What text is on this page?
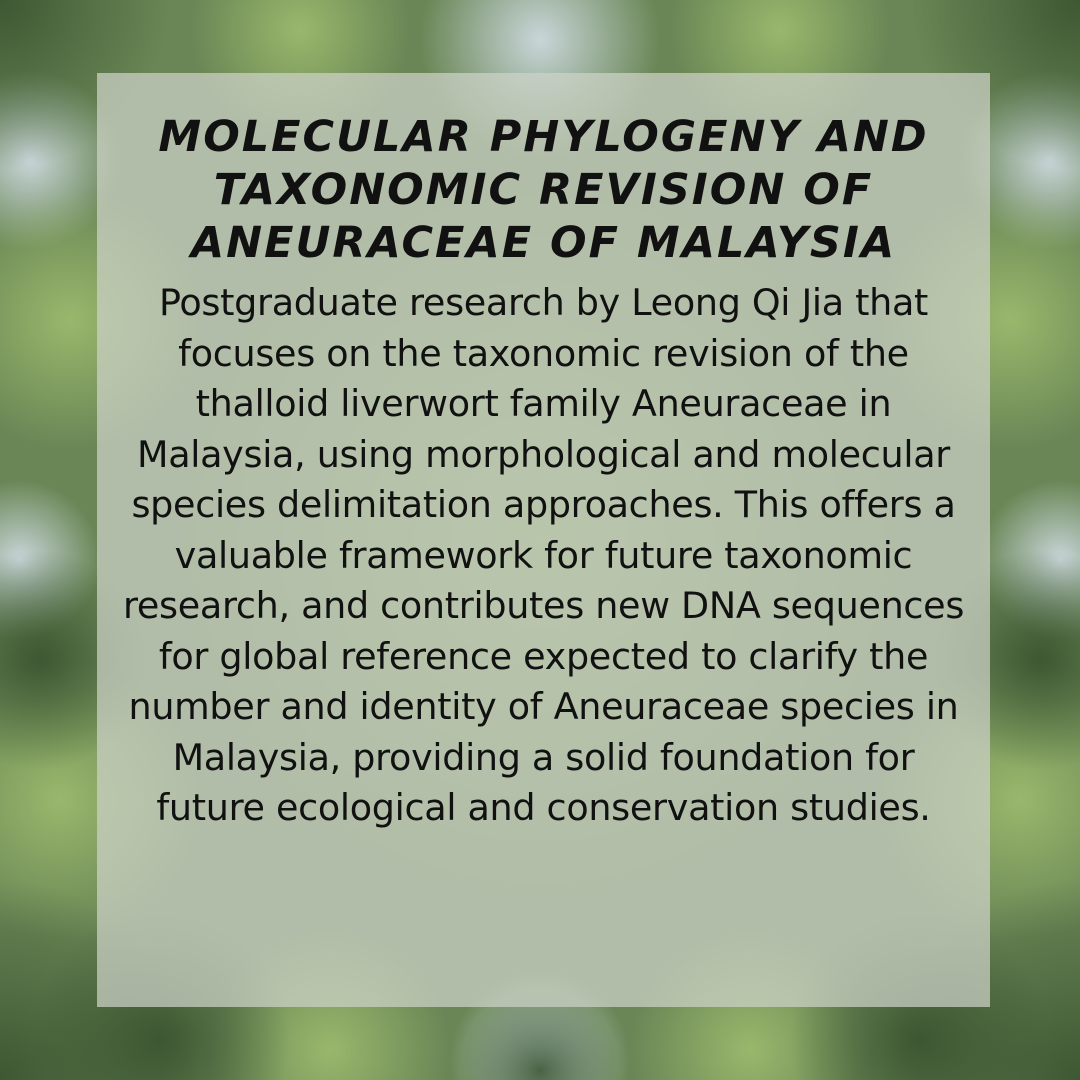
MOLECULAR PHYLOGENY AND TAXONOMIC REVISION OF ANEURACEAE OF MALAYSIA

Postgraduate research by Leong Qi Jia that focuses on the taxonomic revision of the thalloid liverwort family Aneuraceae in Malaysia, using morphological and molecular species delimitation approaches. This offers a valuable framework for future taxonomic research, and contributes new DNA sequences for global reference expected to clarify the number and identity of Aneuraceae species in Malaysia, providing a solid foundation for future ecological and conservation studies.
